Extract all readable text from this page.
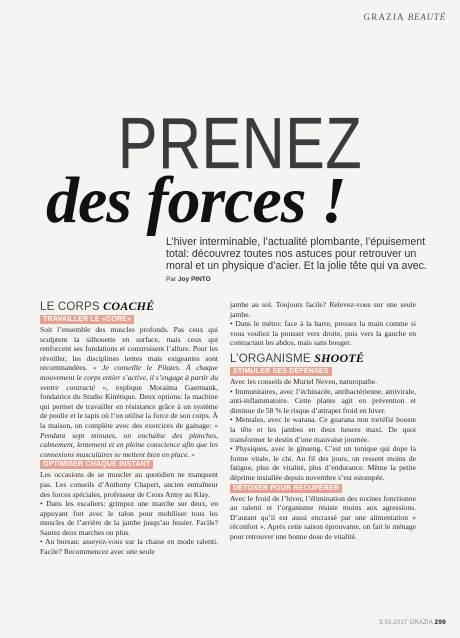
GRAZIA BEAUTÉ
PRENEZ
des forces !
L’hiver interminable, l’actualité plombante, l’épuisement total: découvrez toutes nos astuces pour retrouver un moral et un physique d’acier. Et la jolie tête qui va avec. Par Joy PINTO
LE CORPS COACHÉ
TRAVAILLER LE «CORE»

Soit l’ensemble des muscles profonds. Pas ceux qui sculptent la silhouette en surface, mais ceux qui renforcent ses fondations et construisent l’allure. Pour les réveiller, les disciplines lentes mais exigeantes sont recommandées. « Je conseille le Pilates. À chaque mouvement le corps entier s’active, il s’engage à partir du ventre contracté », explique Moraima Gaetmank, fondatrice du Studio Kinétique. Deux options: la machine qui permet de travailler en résistance grâce à un système de poulie et le tapis où l’on utilise la force de son corps. À la maison, on complète avec des exercices de gainage: « Pendant sept minutes, on enchaîne des planches, calmement, lentement et en pleine conscience afin que les connexions musculaires se mettent bien en place. »

OPTIMISER CHAQUE INSTANT

Les occasions de se muscler au quotidien ne manquent pas. Les conseils d’Anthony Chapert, ancien entraîneur des forces spéciales, professeur de Cross Army au Klay.

• Dans les escaliers: grimpez une marche sur deux, en appuyant fort avec le talon pour mobiliser tous les muscles de l’arrière de la jambe jusqu’au fessier. Facile? Sautez deux marches ou plus.

• Au bureau: asseyez-vous sur la chaise en mode ralenti. Facile? Recommencez avec une seule

jambe au sol. Toujours facile? Relevez-vous sur une seule jambe.

• Dans le métro: face à la barre, pressez la main comme si vous vouliez la pousser vers droite, puis vers la gauche en contractant les abdos, mais sans bouger.

L’ORGANISME SHOOTÉ
STIMULER SES DÉFENSES

Avec les conseils de Muriel Neveu, naturopathe.

• Immunitaires, avec l’échinacée, antibactérienne, antivirale, anti-inflammatoire. Cette plante agit en prévention et diminue de 58 % le risque d’attraper froid en hiver.

• Mentales, avec le warana. Ce guarana non torréfié booste la tête et les jambes en deux heures maxi. De quoi transformer le destin d’une mauvaise journée.

• Physiques, avec le ginseng. C’est un tonique qui dope la forme vitale, le chi. Au fil des jours, on ressent moins de fatigue, plus de vitalité, plus d’endurance. Même la petite déprime installée depuis novembre s’est estompée.

DÉTOXER POUR RÉCUPÉRER

Avec le froid de l’hiver, l’élimination des toxines fonctionne au ralenti et l’organisme résiste moins aux agressions. D’autant qu’il est aussi encrassé par une alimentation « réconfort ». Après cette saison éprouvante, on fait le ménage pour retrouver une bonne dose de vitalité.

3.03.2017 GRAZIA 299
